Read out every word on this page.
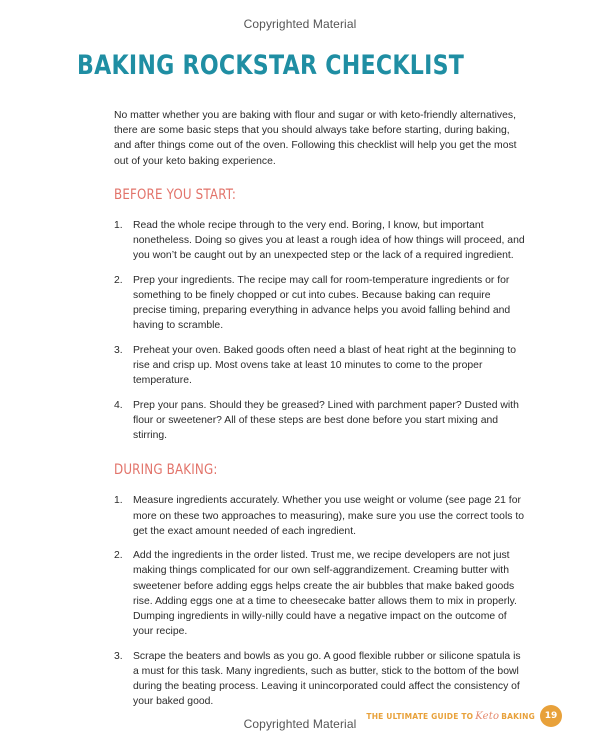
Copyrighted Material
BAKING ROCKSTAR CHECKLIST

No matter whether you are baking with flour and sugar or with keto-friendly alternatives, there are some basic steps that you should always take before starting, during baking, and after things come out of the oven. Following this checklist will help you get the most out of your keto baking experience.

BEFORE YOU START:
1. Read the whole recipe through to the very end. Boring, I know, but important nonetheless. Doing so gives you at least a rough idea of how things will proceed, and you won’t be caught out by an unexpected step or the lack of a required ingredient.
2. Prep your ingredients. The recipe may call for room-temperature ingredients or for something to be finely chopped or cut into cubes. Because baking can require precise timing, preparing everything in advance helps you avoid falling behind and having to scramble.
3. Preheat your oven. Baked goods often need a blast of heat right at the beginning to rise and crisp up. Most ovens take at least 10 minutes to come to the proper temperature.
4. Prep your pans. Should they be greased? Lined with parchment paper? Dusted with flour or sweetener? All of these steps are best done before you start mixing and stirring.
DURING BAKING:
1. Measure ingredients accurately. Whether you use weight or volume (see page 21 for more on these two approaches to measuring), make sure you use the correct tools to get the exact amount needed of each ingredient.
2. Add the ingredients in the order listed. Trust me, we recipe developers are not just making things complicated for our own self-aggrandizement. Creaming butter with sweetener before adding eggs helps create the air bubbles that make baked goods rise. Adding eggs one at a time to cheesecake batter allows them to mix in properly. Dumping ingredients in willy-nilly could have a negative impact on the outcome of your recipe.
3. Scrape the beaters and bowls as you go. A good flexible rubber or silicone spatula is a must for this task. Many ingredients, such as butter, stick to the bottom of the bowl during the beating process. Leaving it unincorporated could affect the consistency of your baked good.
THE ULTIMATE GUIDE TO Keto BAKING	19
Copyrighted Material
